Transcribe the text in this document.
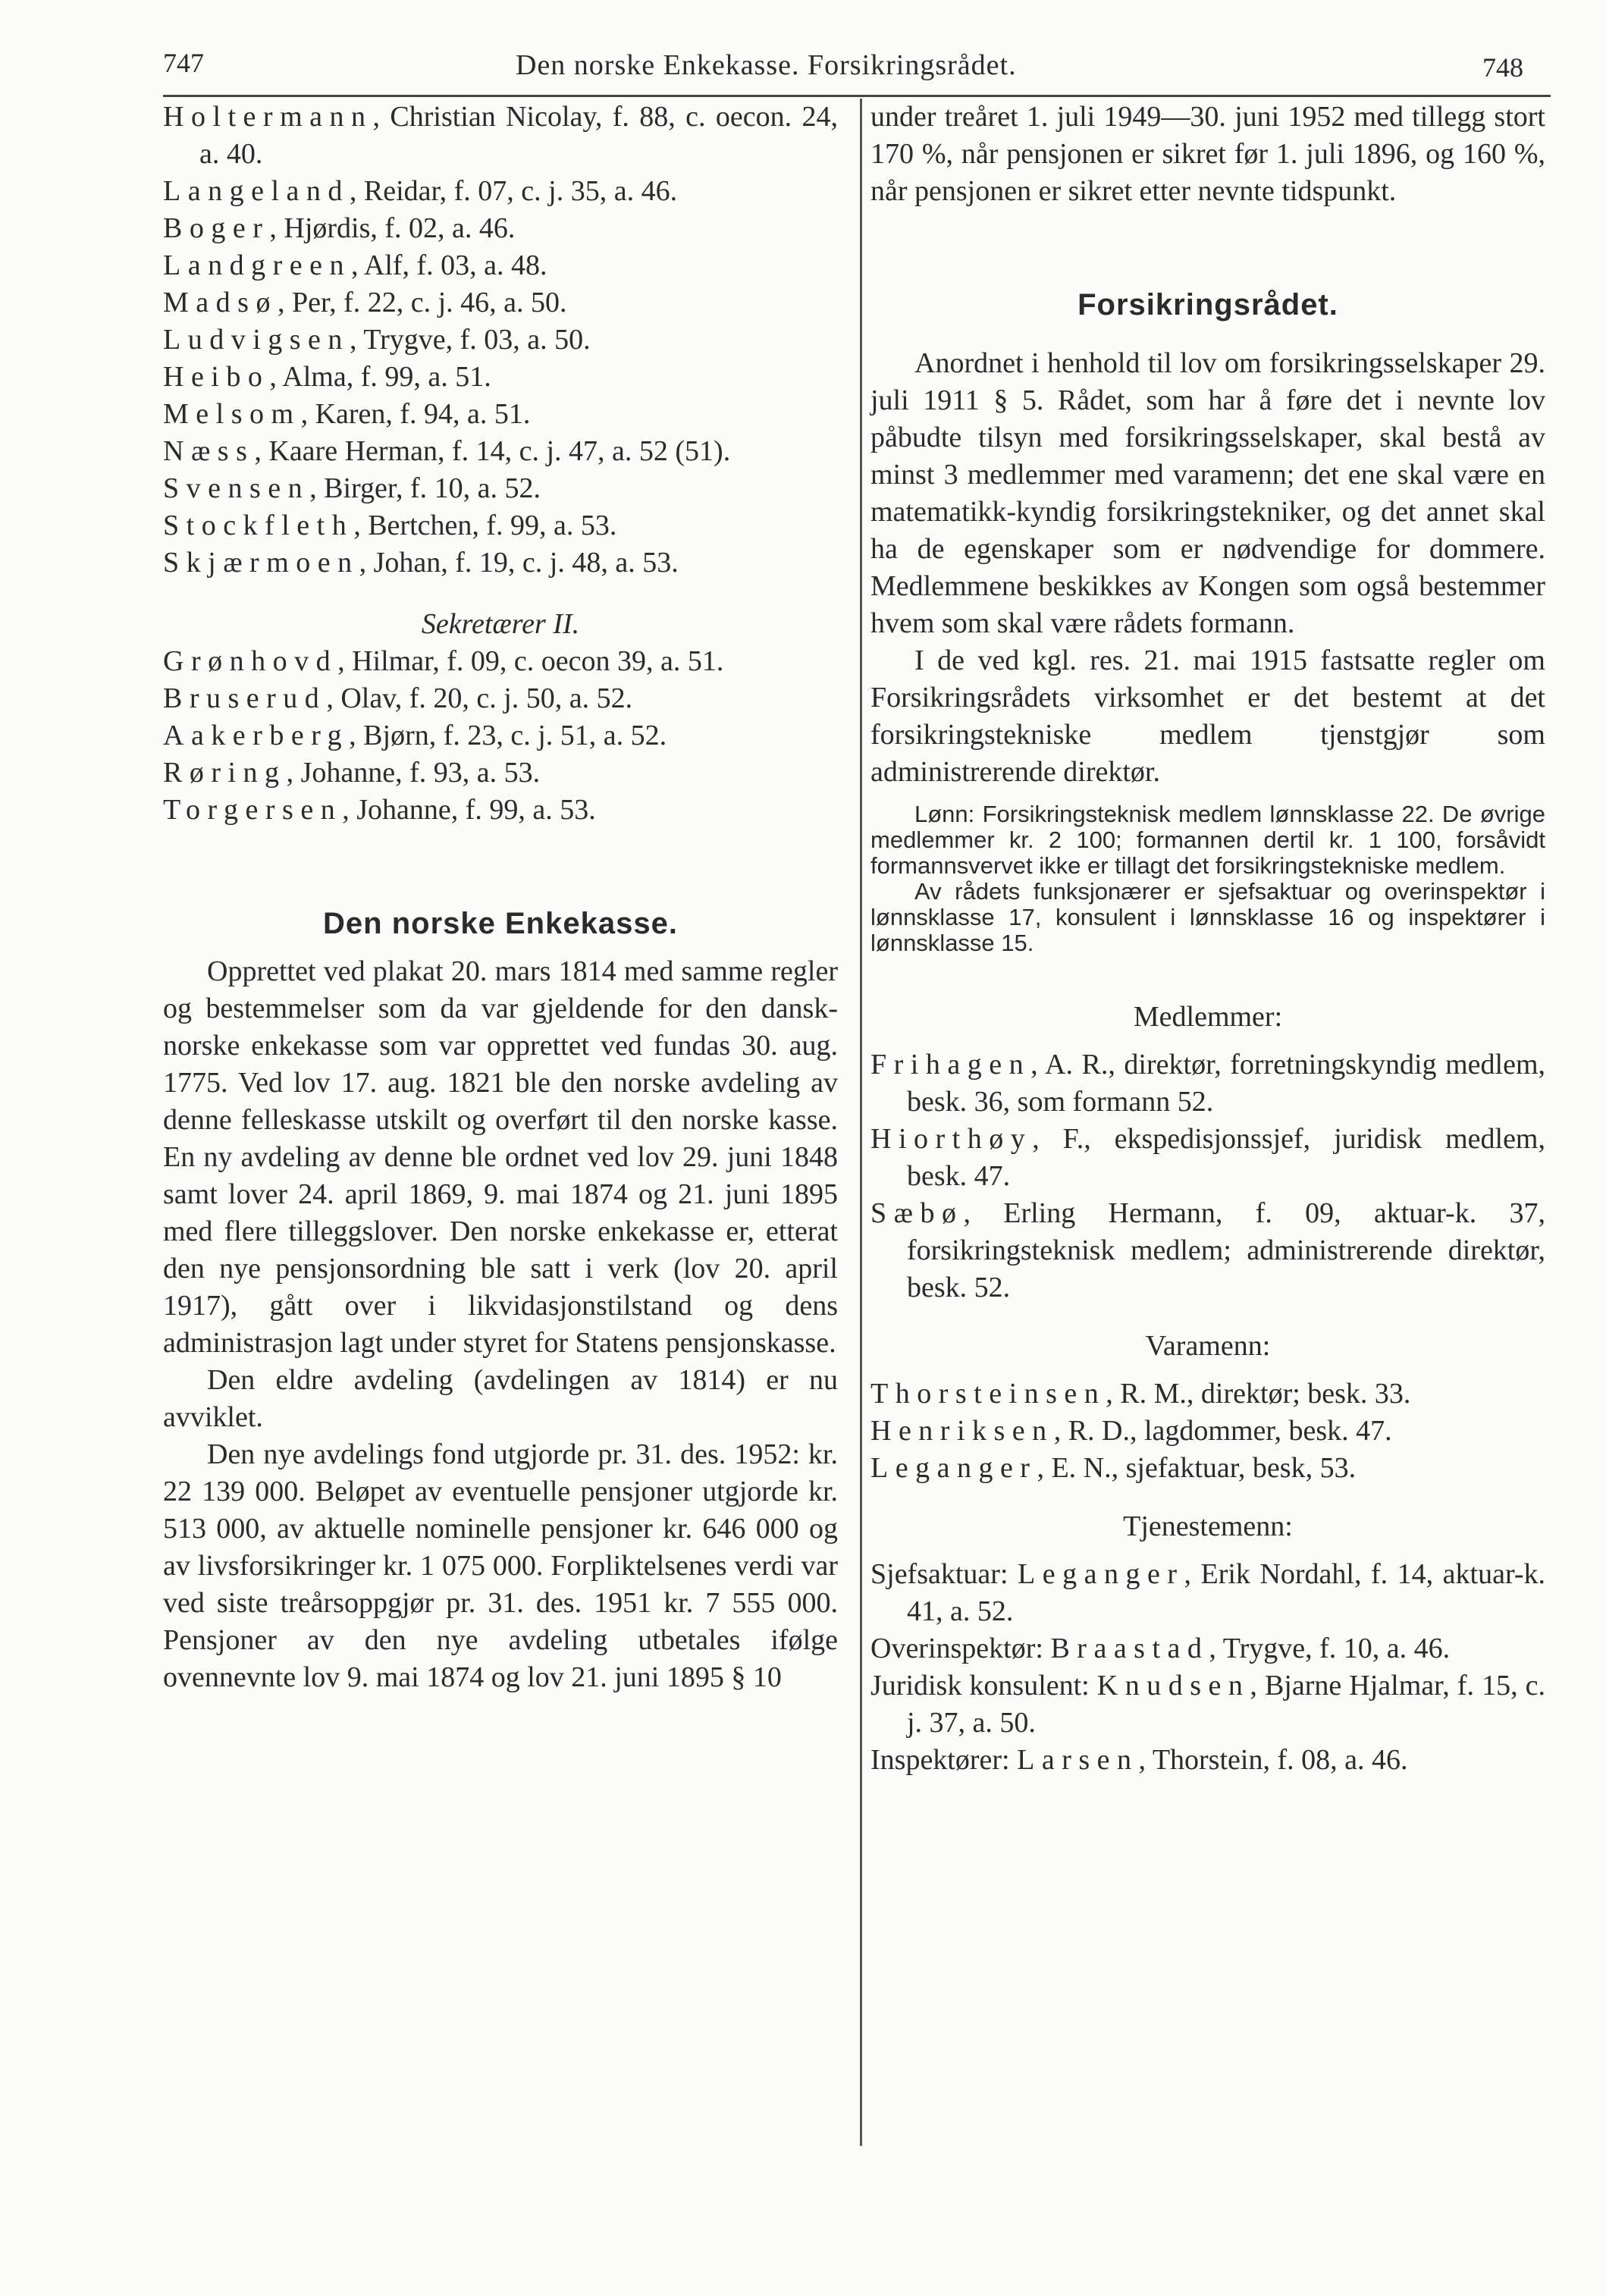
747	Den norske Enkekasse. Forsikringsrådet.	748

Holtermann, Christian Nicolay, f. 88, c. oecon. 24, a. 40.

Langeland, Reidar, f. 07, c. j. 35, a. 46.

Boger, Hjørdis, f. 02, a. 46.

Landgreen, Alf, f. 03, a. 48.

Madsø, Per, f. 22, c. j. 46, a. 50.

Ludvigsen, Trygve, f. 03, a. 50.

Heibo, Alma, f. 99, a. 51.

Melsom, Karen, f. 94, a. 51.

Næss, Kaare Herman, f. 14, c. j. 47, a. 52 (51).

Svensen, Birger, f. 10, a. 52.

Stockfleth, Bertchen, f. 99, a. 53.

Skjærmoen, Johan, f. 19, c. j. 48, a. 53.

Sekretærer II.

Grønhovd, Hilmar, f. 09, c. oecon 39, a. 51.

Bruserud, Olav, f. 20, c. j. 50, a. 52.

Aakerberg, Bjørn, f. 23, c. j. 51, a. 52.

Røring, Johanne, f. 93, a. 53.

Torgersen, Johanne, f. 99, a. 53.

Den norske Enkekasse.

Opprettet ved plakat 20. mars 1814 med samme regler og bestemmelser som da var gjeldende for den dansk-norske enkekasse som var opprettet ved fundas 30. aug. 1775. Ved lov 17. aug. 1821 ble den norske avdeling av denne felleskasse utskilt og overført til den norske kasse. En ny avdeling av denne ble ordnet ved lov 29. juni 1848 samt lover 24. april 1869, 9. mai 1874 og 21. juni 1895 med flere tilleggslover. Den norske enkekasse er, etterat den nye pensjonsordning ble satt i verk (lov 20. april 1917), gått over i likvidasjonstilstand og dens administrasjon lagt under styret for Statens pensjonskasse.

Den eldre avdeling (avdelingen av 1814) er nu avviklet.

Den nye avdelings fond utgjorde pr. 31. des. 1952: kr. 22 139 000. Beløpet av eventuelle pensjoner utgjorde kr. 513 000, av aktuelle nominelle pensjoner kr. 646 000 og av livsforsikringer kr. 1 075 000. Forpliktelsenes verdi var ved siste treårsoppgjør pr. 31. des. 1951 kr. 7 555 000. Pensjoner av den nye avdeling utbetales ifølge ovennevnte lov 9. mai 1874 og lov 21. juni 1895 § 10

under treåret 1. juli 1949—30. juni 1952 med tillegg stort 170 %, når pensjonen er sikret før 1. juli 1896, og 160 %, når pensjonen er sikret etter nevnte tidspunkt.

Forsikringsrådet.

Anordnet i henhold til lov om forsikringsselskaper 29. juli 1911 § 5. Rådet, som har å føre det i nevnte lov påbudte tilsyn med forsikringsselskaper, skal bestå av minst 3 medlemmer med varamenn; det ene skal være en matematikk-kyndig forsikringstekniker, og det annet skal ha de egenskaper som er nødvendige for dommere. Medlemmene beskikkes av Kongen som også bestemmer hvem som skal være rådets formann.

I de ved kgl. res. 21. mai 1915 fastsatte regler om Forsikringsrådets virksomhet er det bestemt at det forsikringstekniske medlem tjenstgjør som administrerende direktør.

Lønn: Forsikringsteknisk medlem lønnsklasse 22. De øvrige medlemmer kr. 2 100; formannen dertil kr. 1 100, forsåvidt formannsvervet ikke er tillagt det forsikringstekniske medlem.

Av rådets funksjonærer er sjefsaktuar og overinspektør i lønnsklasse 17, konsulent i lønnsklasse 16 og inspektører i lønnsklasse 15.

Medlemmer:

Frihagen, A. R., direktør, forretningskyndig medlem, besk. 36, som formann 52.

Hiorthøy, F., ekspedisjonssjef, juridisk medlem, besk. 47.

Sæbø, Erling Hermann, f. 09, aktuar-k. 37, forsikringsteknisk medlem; administrerende direktør, besk. 52.

Varamenn:

Thorsteinsen, R. M., direktør; besk. 33.

Henriksen, R. D., lagdommer, besk. 47.

Leganger, E. N., sjefaktuar, besk, 53.

Tjenestemenn:

Sjefsaktuar: Leganger, Erik Nordahl, f. 14, aktuar-k. 41, a. 52.

Overinspektør: Braastad, Trygve, f. 10, a. 46.

Juridisk konsulent: Knudsen, Bjarne Hjalmar, f. 15, c. j. 37, a. 50.

Inspektører: Larsen, Thorstein, f. 08, a. 46.
